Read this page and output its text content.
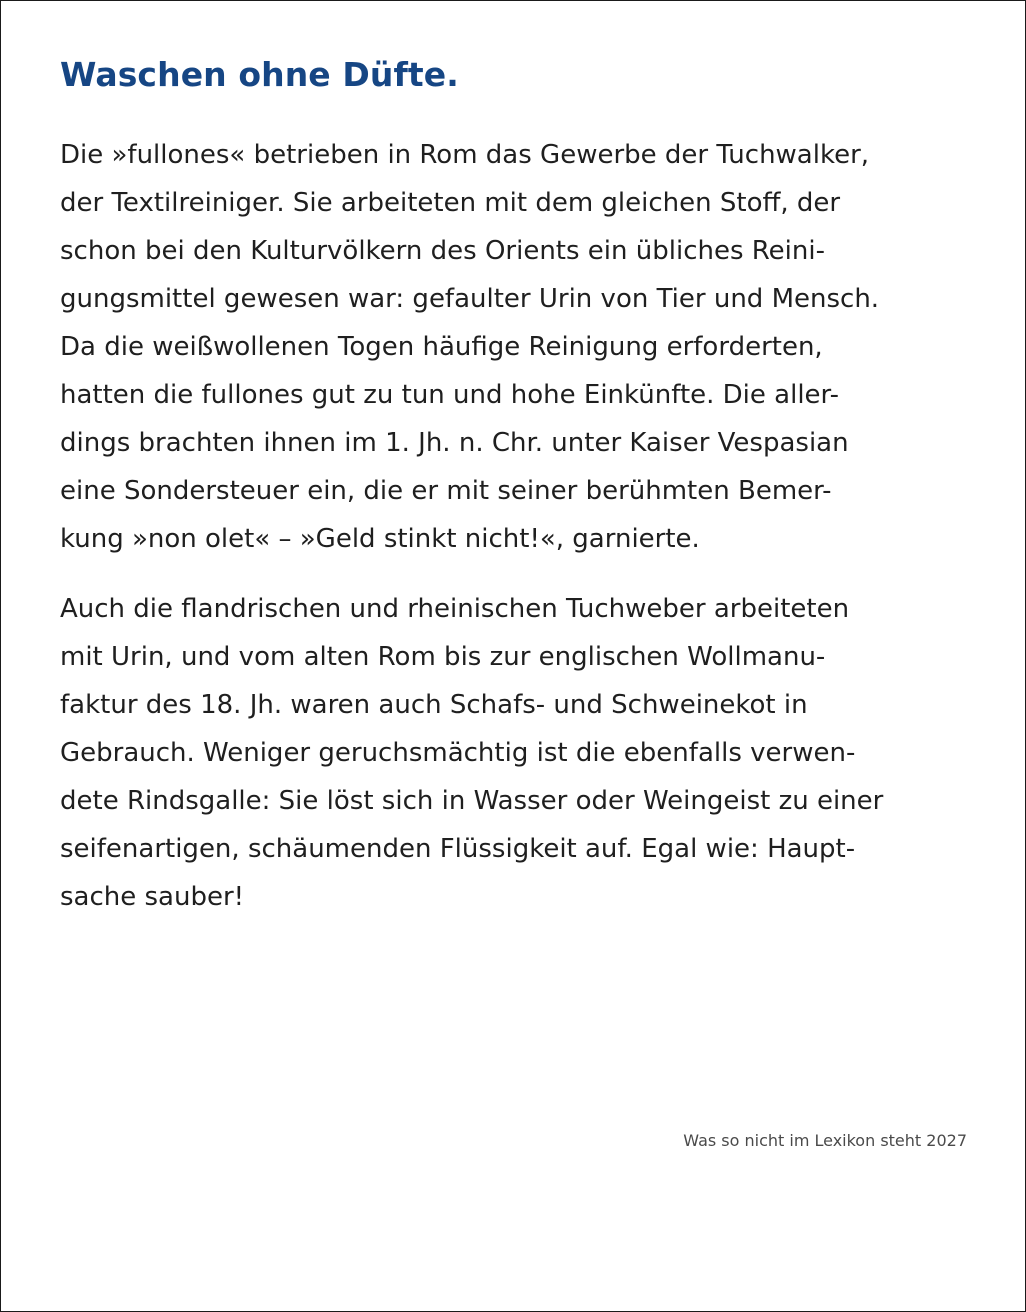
Waschen ohne Düfte.

Die »fullones« betrieben in Rom das Gewerbe der Tuchwalker,
der Textilreiniger. Sie arbeiteten mit dem gleichen Stoff, der
schon bei den Kulturvölkern des Orients ein übliches Reini-
gungsmittel gewesen war: gefaulter Urin von Tier und Mensch.
Da die weißwollenen Togen häufige Reinigung erforderten,
hatten die fullones gut zu tun und hohe Einkünfte. Die aller-
dings brachten ihnen im 1. Jh. n. Chr. unter Kaiser Vespasian
eine Sondersteuer ein, die er mit seiner berühmten Bemer-
kung »non olet« – »Geld stinkt nicht!«, garnierte.

Auch die flandrischen und rheinischen Tuchweber arbeiteten
mit Urin, und vom alten Rom bis zur englischen Wollmanu-
faktur des 18. Jh. waren auch Schafs- und Schweinekot in
Gebrauch. Weniger geruchsmächtig ist die ebenfalls verwen-
dete Rindsgalle: Sie löst sich in Wasser oder Weingeist zu einer
seifenartigen, schäumenden Flüssigkeit auf. Egal wie: Haupt-
sache sauber!

Was so nicht im Lexikon steht 2027
